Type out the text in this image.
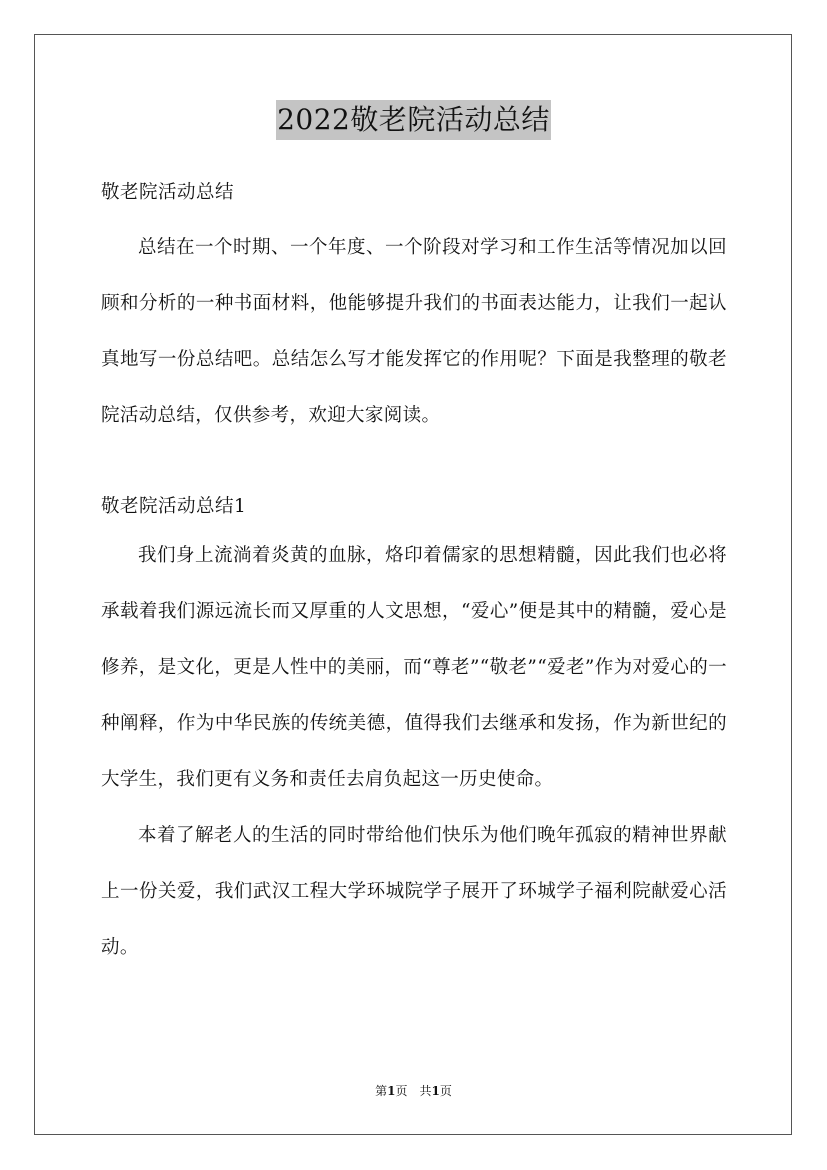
2022敬老院活动总结

敬老院活动总结

总结在一个时期、一个年度、一个阶段对学习和工作生活等情况加以回顾和分析的一种书面材料，他能够提升我们的书面表达能力，让我们一起认真地写一份总结吧。总结怎么写才能发挥它的作用呢？下面是我整理的敬老院活动总结，仅供参考，欢迎大家阅读。

敬老院活动总结1

我们身上流淌着炎黄的血脉，烙印着儒家的思想精髓，因此我们也必将承载着我们源远流长而又厚重的人文思想，“爱心”便是其中的精髓，爱心是修养，是文化，更是人性中的美丽，而“尊老”“敬老”“爱老”作为对爱心的一种阐释，作为中华民族的传统美德，值得我们去继承和发扬，作为新世纪的大学生，我们更有义务和责任去肩负起这一历史使命。

本着了解老人的生活的同时带给他们快乐为他们晚年孤寂的精神世界献上一份关爱，我们武汉工程大学环城院学子展开了环城学子福利院献爱心活动。

第1页　共1页
